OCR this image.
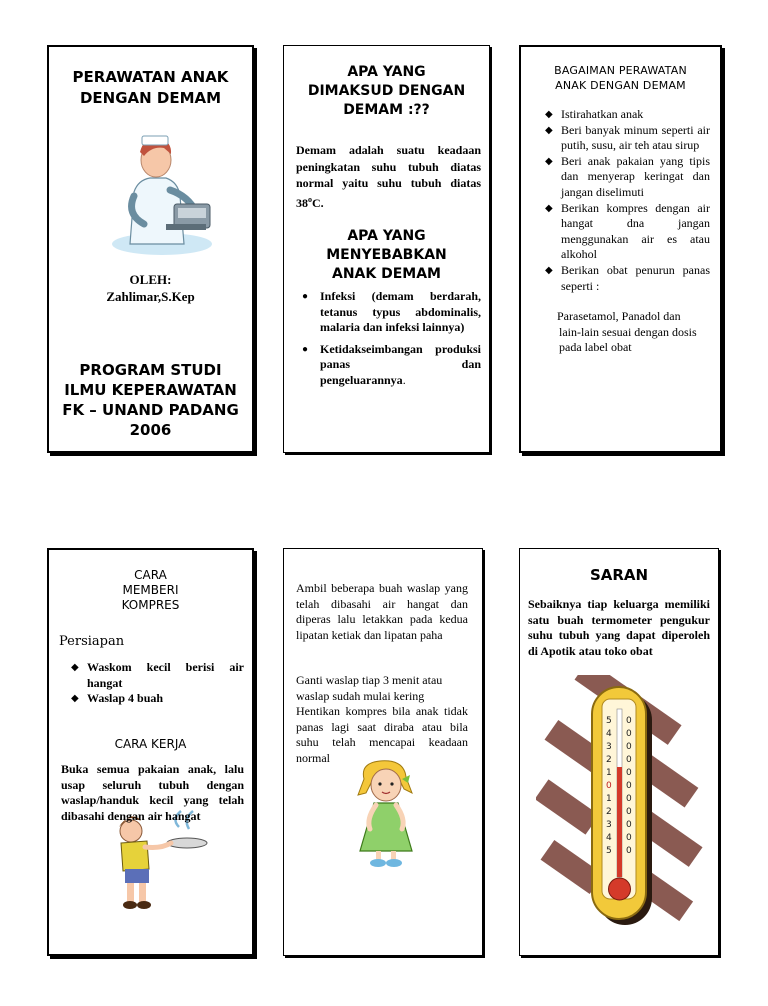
PERAWATAN ANAK
DENGAN DEMAM
OLEH:
Zahlimar,S.Kep
PROGRAM STUDI
ILMU KEPERAWATAN
FK – UNAND PADANG
2006
APA YANG
DIMAKSUD DENGAN
DEMAM :??
Demam adalah suatu keadaan peningkatan suhu tubuh diatas normal yaitu suhu tubuh diatas 38$^o$C.
APA YANG
MENYEBABKAN
ANAK DEMAM
● Infeksi (demam berdarah, tetanus typus abdominalis, malaria dan infeksi lainnya)
● Ketidakseimbangan produksi panas dan
pengeluarannya.
BAGAIMAN PERAWATAN
ANAK DENGAN DEMAM
◆ Istirahatkan anak
◆ Beri banyak minum seperti air putih, susu, air teh atau sirup
◆ Beri anak pakaian yang tipis dan menyerap keringat dan jangan diselimuti
◆ Berikan kompres dengan air hangat dna jangan menggunakan air es atau alkohol
◆ Berikan obat penurun panas seperti :
Parasetamol, Panadol dan
lain-lain sesuai dengan dosis
pada label obat
CARA
MEMBERI
KOMPRES
Persiapan
◆ Waskom kecil berisi air hangat
◆ Waslap 4 buah
CARA KERJA
Buka semua pakaian anak, lalu usap seluruh tubuh dengan waslap/handuk kecil yang telah dibasahi dengan air hangat
Ambil beberapa buah waslap yang telah dibasahi air hangat dan diperas lalu letakkan pada kedua lipatan ketiak dan lipatan paha
Ganti waslap tiap 3 menit atau
waslap sudah mulai kering
Hentikan kompres bila anak tidak panas lagi saat diraba atau bila suhu telah mencapai keadaan normal
SARAN
Sebaiknya tiap keluarga memiliki satu buah termometer pengukur suhu tubuh yang dapat diperoleh di Apotik atau toko obat
5
4
3
2
1
0
1
2
3
4
5
0
0
0
0
0
0
0
0
0
0
0
